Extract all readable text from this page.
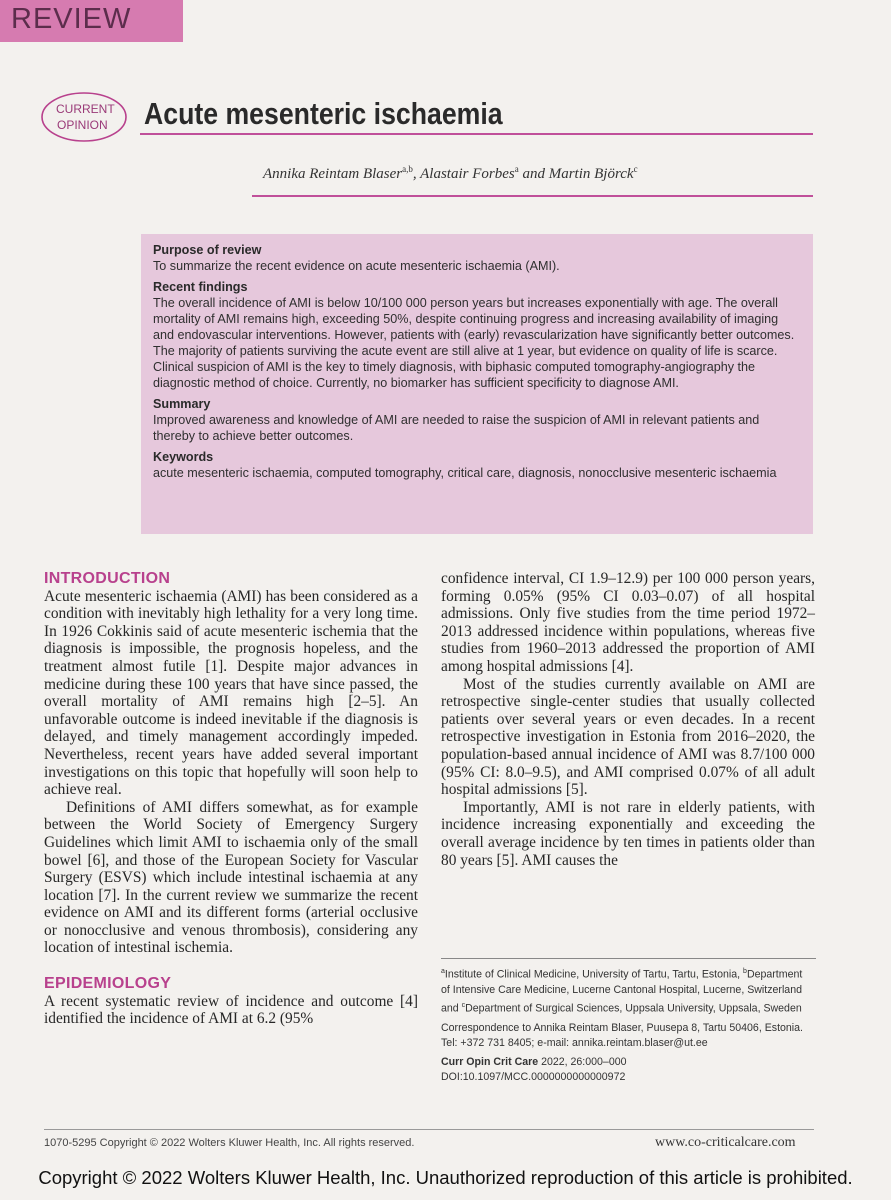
REVIEW
CURRENT
OPINION Acute mesenteric ischaemia
Annika Reintam Blaser$^{a,b}$, Alastair Forbes$^a$ and Martin Björck$^c$
Purpose of review
To summarize the recent evidence on acute mesenteric ischaemia (AMI).
Recent findings
The overall incidence of AMI is below 10/100 000 person years but increases exponentially with age. The overall mortality of AMI remains high, exceeding 50%, despite continuing progress and increasing availability of imaging and endovascular interventions. However, patients with (early) revascularization have significantly better outcomes. The majority of patients surviving the acute event are still alive at 1 year, but evidence on quality of life is scarce.
Clinical suspicion of AMI is the key to timely diagnosis, with biphasic computed tomography-angiography the diagnostic method of choice. Currently, no biomarker has sufficient specificity to diagnose AMI.
Summary
Improved awareness and knowledge of AMI are needed to raise the suspicion of AMI in relevant patients and thereby to achieve better outcomes.
Keywords
acute mesenteric ischaemia, computed tomography, critical care, diagnosis, nonocclusive mesenteric ischaemia
INTRODUCTION

Acute mesenteric ischaemia (AMI) has been considered as a condition with inevitably high lethality for a very long time. In 1926 Cokkinis said of acute mesenteric ischemia that the diagnosis is impossible, the prognosis hopeless, and the treatment almost futile [1]. Despite major advances in medicine during these 100 years that have since passed, the overall mortality of AMI remains high [2–5]. An unfavorable outcome is indeed inevitable if the diagnosis is delayed, and timely management accordingly impeded. Nevertheless, recent years have added several important investigations on this topic that hopefully will soon help to achieve real.

Definitions of AMI differs somewhat, as for example between the World Society of Emergency Surgery Guidelines which limit AMI to ischaemia only of the small bowel [6], and those of the European Society for Vascular Surgery (ESVS) which include intestinal ischaemia at any location [7]. In the current review we summarize the recent evidence on AMI and its different forms (arterial occlusive or nonocclusive and venous thrombosis), considering any location of intestinal ischemia.

EPIDEMIOLOGY

A recent systematic review of incidence and outcome [4] identified the incidence of AMI at 6.2 (95%

confidence interval, CI 1.9–12.9) per 100 000 person years, forming 0.05% (95% CI 0.03–0.07) of all hospital admissions. Only five studies from the time period 1972–2013 addressed incidence within populations, whereas five studies from 1960–2013 addressed the proportion of AMI among hospital admissions [4].

Most of the studies currently available on AMI are retrospective single-center studies that usually collected patients over several years or even decades. In a recent retrospective investigation in Estonia from 2016–2020, the population-based annual incidence of AMI was 8.7/100 000 (95% CI: 8.0–9.5), and AMI comprised 0.07% of all adult hospital admissions [5].

Importantly, AMI is not rare in elderly patients, with incidence increasing exponentially and exceeding the overall average incidence by ten times in patients older than 80 years [5]. AMI causes the

$^a$Institute of Clinical Medicine, University of Tartu, Tartu, Estonia, $^b$Department of Intensive Care Medicine, Lucerne Cantonal Hospital, Lucerne, Switzerland and $^c$Department of Surgical Sciences, Uppsala University, Uppsala, Sweden

Correspondence to Annika Reintam Blaser, Puusepa 8, Tartu 50406, Estonia. Tel: +372 731 8405; e-mail: annika.reintam.blaser@ut.ee

Curr Opin Crit Care 2022, 26:000–000

DOI:10.1097/MCC.0000000000000972

1070-5295 Copyright © 2022 Wolters Kluwer Health, Inc. All rights reserved.	www.co-criticalcare.com
Copyright © 2022 Wolters Kluwer Health, Inc. Unauthorized reproduction of this article is prohibited.
